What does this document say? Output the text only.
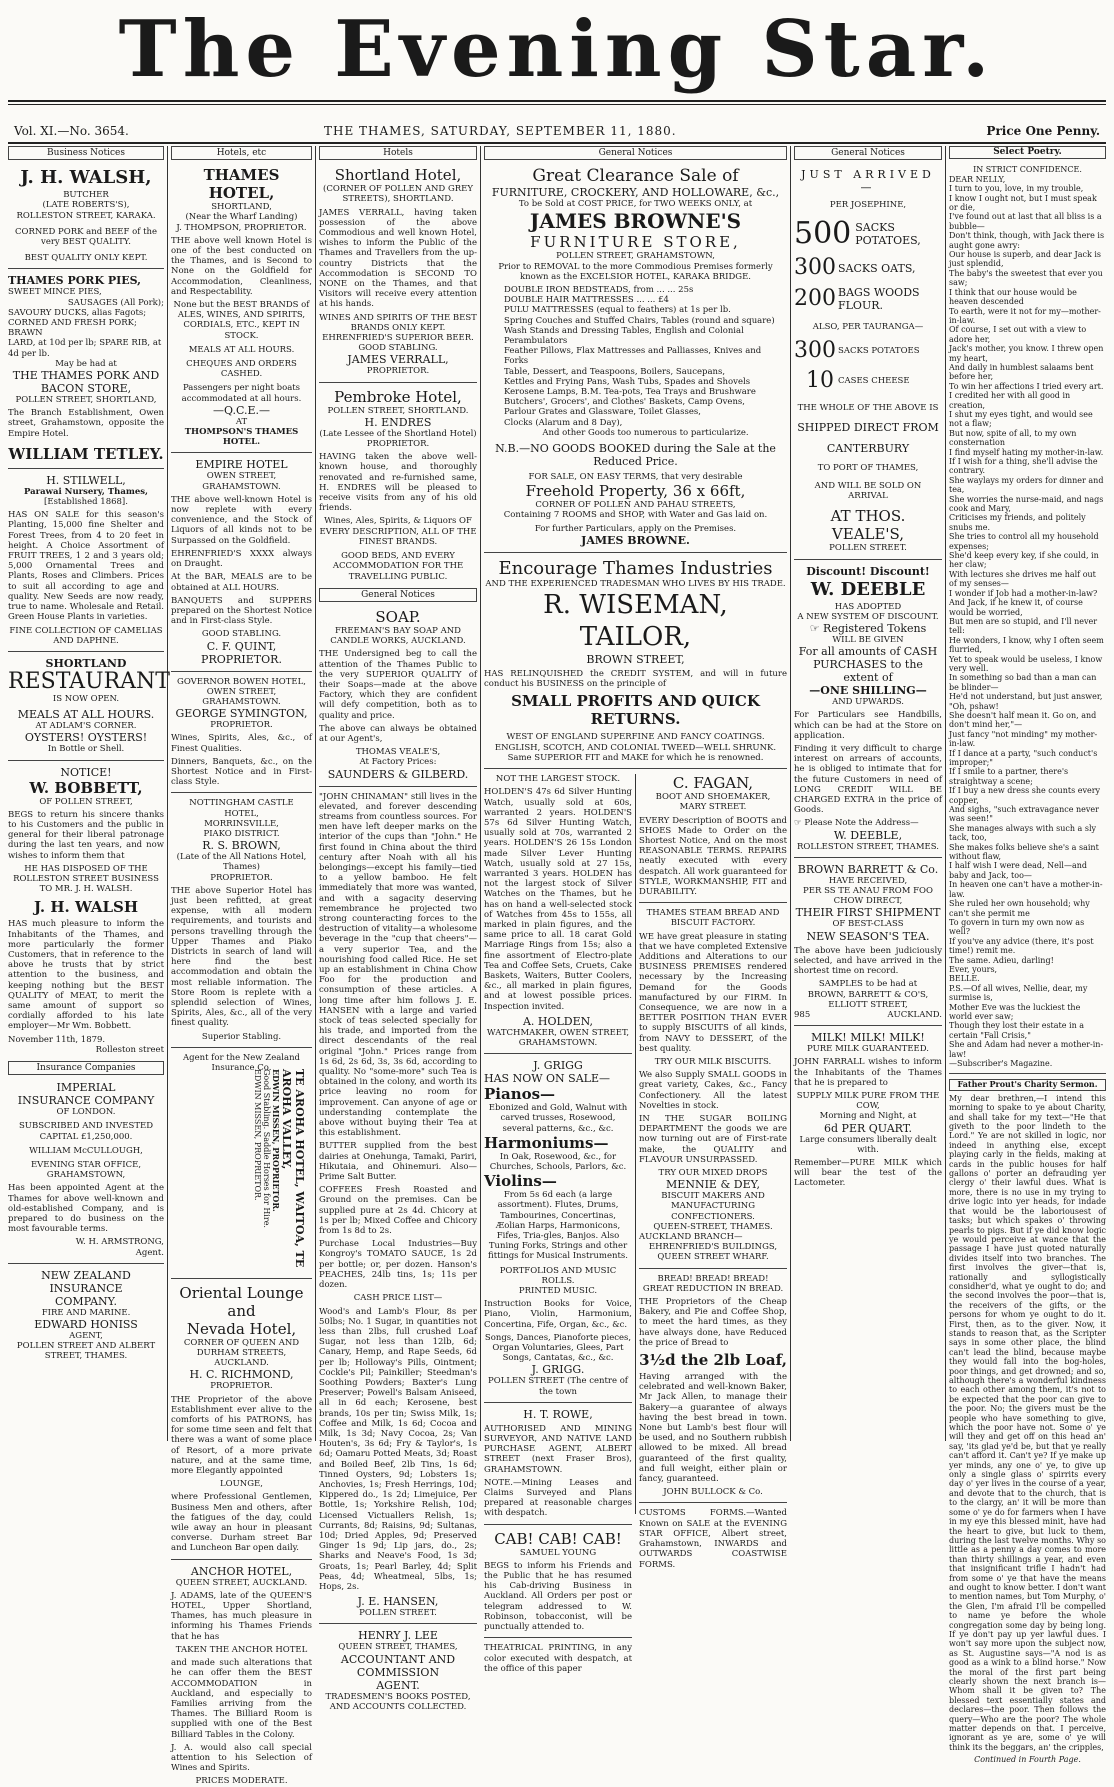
The Evening Star.
Vol. XI.—No. 3654.	THE THAMES, SATURDAY, SEPTEMBER 11, 1880.	Price One Penny.
Business Notices
J. H. WALSH,
BUTCHER
(LATE ROBERTS'S),
ROLLESTON STREET, KARAKA.
CORNED PORK and BEEF of the very BEST QUALITY.
BEST QUALITY ONLY KEPT.
THAMES PORK PIES,
SWEET MINCE PIES,
SAUSAGES (All Pork);
SAVOURY DUCKS, alias Fagots;
CORNED AND FRESH PORK; BRAWN
LARD, at 10d per lb; SPARE RIB, at 4d per lb.
May be had at
THE THAMES PORK AND
BACON STORE,
POLLEN STREET, SHORTLAND,
The Branch Establishment, Owen street, Grahamstown, opposite the Empire Hotel.
WILLIAM TETLEY.
H. STILWELL,
Parawai Nursery, Thames,
[Established 1868].
HAS ON SALE for this season's Planting, 15,000 fine Shelter and Forest Trees, from 4 to 20 feet in height. A Choice Assortment of FRUIT TREES, 1 2 and 3 years old; 5,000 Ornamental Trees and Plants, Roses and Climbers. Prices to suit all according to age and quality. New Seeds are now ready, true to name. Wholesale and Retail. Green House Plants in varieties.
FINE COLLECTION OF CAMELIAS AND DAPHNE.
SHORTLAND
RESTAURANT
IS NOW OPEN.
MEALS AT ALL HOURS.
AT ADLAM'S CORNER.
OYSTERS! OYSTERS!
In Bottle or Shell.
NOTICE!
W. BOBBETT,
OF POLLEN STREET,
BEGS to return his sincere thanks to his Customers and the public in general for their liberal patronage during the last ten years, and now wishes to inform them that
HE HAS DISPOSED OF THE
ROLLESTON STREET BUSINESS
TO MR. J. H. WALSH.
J. H. WALSH
HAS much pleasure to inform the Inhabitants of the Thames, and more particularly the former Customers, that in reference to the above he trusts that by strict attention to the business, and keeping nothing but the BEST QUALITY of MEAT, to merit the same amount of support so cordially afforded to his late employer—Mr Wm. Bobbett.
November 11th, 1879.
Rolleston street
Insurance Companies
IMPERIAL
INSURANCE COMPANY
OF LONDON.
SUBSCRIBED AND INVESTED
CAPITAL £1,250,000.
WILLIAM McCULLOUGH,
EVENING STAR OFFICE, GRAHAMSTOWN,
Has been appointed Agent at the Thames for above well-known and old-established Company, and is prepared to do business on the most favourable terms.
W. H. ARMSTRONG,
Agent.
NEW ZEALAND INSURANCE
COMPANY.
FIRE AND MARINE.
EDWARD HONISS
AGENT,
POLLEN STREET AND ALBERT STREET, THAMES.
Hotels, etc
THAMES HOTEL,
SHORTLAND,
(Near the Wharf Landing)
J. THOMPSON, PROPRIETOR.
THE above well known Hotel is one of the best conducted on the Thames, and is Second to None on the Goldfield for Accommodation, Cleanliness, and Respectability.
None but the BEST BRANDS of ALES, WINES, AND SPIRITS, CORDIALS, ETC., KEPT IN STOCK.
MEALS AT ALL HOURS.
CHEQUES AND ORDERS CASHED.
Passengers per night boats accommodated at all hours.
—Q.C.E.—
AT
THOMPSON'S THAMES HOTEL.
EMPIRE HOTEL
OWEN STREET, GRAHAMSTOWN.
THE above well-known Hotel is now replete with every convenience, and the Stock of Liquors of all kinds not to be Surpassed on the Goldfield.
EHRENFRIED'S XXXX always on Draught.
At the BAR, MEALS are to be obtained at ALL HOURS.
BANQUETS and SUPPERS prepared on the Shortest Notice and in First-class Style.
GOOD STABLING.
C. F. QUINT, PROPRIETOR.
GOVERNOR BOWEN HOTEL,
OWEN STREET, GRAHAMSTOWN.
GEORGE SYMINGTON,
PROPRIETOR.
Wines, Spirits, Ales, &c., of Finest Qualities.
Dinners, Banquets, &c., on the Shortest Notice and in First-class Style.
NOTTINGHAM CASTLE HOTEL,
MORRINSVILLE,
PIAKO DISTRICT.
R. S. BROWN,
(Late of the All Nations Hotel, Thames)
PROPRIETOR.
THE above Superior Hotel has just been refitted, at great expense, with all modern requirements, and tourists and persons travelling through the Upper Thames and Piako Districts in search of land will here find the best accommodation and obtain the most reliable information. The Store Room is replete with a splendid selection of Wines, Spirits, Ales, &c., all of the very finest quality.
Superior Stabling.
Agent for the New Zealand Insurance Co.
TE AROHA HOTEL, WAITOA, TE AROHA VALLEY,
EDWIN MISSEN, PROPRIETOR.
Good Stabling. Saddle Horses for Hire.
EDWIN MISSEN, PROPRIETOR.
Oriental Lounge and
Nevada Hotel,
CORNER OF QUEEN AND DURHAM STREETS, AUCKLAND.
H. C. RICHMOND,
PROPRIETOR.
THE Proprietor of the above Establishment ever alive to the comforts of his PATRONS, has for some time seen and felt that there was a want of some place of Resort, of a more private nature, and at the same time, more Elegantly appointed
LOUNGE,
where Professional Gentlemen, Business Men and others, after the fatigues of the day, could wile away an hour in pleasant converse. Durham street Bar and Luncheon Bar open daily.
ANCHOR HOTEL,
QUEEN STREET, AUCKLAND.
J. ADAMS, late of the QUEEN'S HOTEL, Upper Shortland, Thames, has much pleasure in informing his Thames Friends that he has
TAKEN THE ANCHOR HOTEL
and made such alterations that he can offer them the BEST ACCOMMODATION in Auckland, and especially to Families arriving from the Thames. The Billiard Room is supplied with one of the Best Billiard Tables in the Colony.
J. A. would also call special attention to his Selection of Wines and Spirits.
PRICES MODERATE.
Hotels
Shortland Hotel,
(CORNER OF POLLEN AND GREY STREETS), SHORTLAND.
JAMES VERRALL, having taken possession of the above Commodious and well known Hotel, wishes to inform the Public of the Thames and Travellers from the up-country Districts that the Accommodation is SECOND TO NONE on the Thames, and that Visitors will receive every attention at his hands.
WINES AND SPIRITS OF THE BEST BRANDS ONLY KEPT.
EHRENFRIED'S SUPERIOR BEER.
GOOD STABLING.
JAMES VERRALL,
PROPRIETOR.
Pembroke Hotel,
POLLEN STREET, SHORTLAND.
H. ENDRES
(Late Lessee of the Shortland Hotel)
PROPRIETOR.
HAVING taken the above well-known house, and thoroughly renovated and re-furnished same, H. ENDRES will be pleased to receive visits from any of his old friends.
Wines, Ales, Spirits, & Liquors OF EVERY DESCRIPTION, ALL OF THE FINEST BRANDS.
GOOD BEDS, AND EVERY ACCOMMODATION FOR THE TRAVELLING PUBLIC.
General Notices
SOAP.
FREEMAN'S BAY SOAP AND CANDLE WORKS, AUCKLAND.
THE Undersigned beg to call the attention of the Thames Public to the very SUPERIOR QUALITY of their Soaps—made at the above Factory, which they are confident will defy competition, both as to quality and price.
The above can always be obtained at our Agent's,
THOMAS VEALE'S,
At Factory Prices:
SAUNDERS & GILBERD.
"JOHN CHINAMAN" still lives in the elevated, and forever descending streams from countless sources. For men have left deeper marks on the interior of the cups than "John." He first found in China about the third century after Noah with all his belongings—except his family—tied to a yellow bamboo. He felt immediately that more was wanted, and with a sagacity deserving remembrance he projected two strong counteracting forces to the destruction of vitality—a wholesome beverage in the "cup that cheers"—a very superior Tea, and the nourishing food called Rice. He set up an establishment in China Chow Foo for the production and consumption of these articles. A long time after him follows J. E. HANSEN with a large and varied stock of teas selected specially for his trade, and imported from the direct descendants of the real original "John." Prices range from 1s 6d, 2s 6d, 3s, 3s 6d, according to quality. No "some-more" such Tea is obtained in the colony, and worth its price leaving no room for improvement. Can anyone of age or understanding contemplate the above without buying their Tea at this establishment.
BUTTER supplied from the best dairies at Onehunga, Tamaki, Pariri, Hikutaia, and Ohinemuri. Also—Prime Salt Butter.
COFFEES Fresh Roasted and Ground on the premises. Can be supplied pure at 2s 4d. Chicory at 1s per lb; Mixed Coffee and Chicory from 1s 8d to 2s.
Purchase Local Industries—Buy Kongroy's TOMATO SAUCE, 1s 2d per bottle; or, per dozen. Hanson's PEACHES, 24lb tins, 1s; 11s per dozen.
CASH PRICE LIST—
Wood's and Lamb's Flour, 8s per 50lbs; No. 1 Sugar, in quantities not less than 2lbs, full crushed Loaf Sugar, not less than 12lb, 6d; Canary, Hemp, and Rape Seeds, 6d per lb; Holloway's Pills, Ointment; Cockle's Pil; Painkiller; Steedman's Soothing Powders; Baxter's Lung Preserver; Powell's Balsam Aniseed, all in 6d each; Kerosene, best brands, 10s per tin; Swiss Milk, 1s; Coffee and Milk, 1s 6d; Cocoa and Milk, 1s 3d; Navy Cocoa, 2s; Van Houten's, 3s 6d; Fry & Taylor's, 1s 6d; Oamaru Potted Meats, 3d; Roast and Boiled Beef, 2lb Tins, 1s 6d; Tinned Oysters, 9d; Lobsters 1s; Anchovies, 1s; Fresh Herrings, 10d; Kippered do., 1s 2d; Limejuice, Per Bottle, 1s; Yorkshire Relish, 10d; Licensed Victuallers Relish, 1s; Currants, 8d; Raisins, 9d; Sultanas, 10d; Dried Apples, 9d; Preserved Ginger 1s 9d; Lip jars, do., 2s; Sharks and Neave's Food, 1s 3d; Groats, 1s; Pearl Barley, 4d; Split Peas, 4d; Wheatmeal, 5lbs, 1s; Hops, 2s.
J. E. HANSEN,
POLLEN STREET.
HENRY J. LEE
QUEEN STREET, THAMES,
ACCOUNTANT AND COMMISSION
AGENT.
TRADESMEN'S BOOKS POSTED, AND ACCOUNTS COLLECTED.
General Notices
Great Clearance Sale of
FURNITURE, CROCKERY, AND HOLLOWARE, &c.,
To be Sold at COST PRICE, for TWO WEEKS ONLY, at
JAMES BROWNE'S
FURNITURE STORE,
POLLEN STREET, GRAHAMSTOWN,
Prior to REMOVAL to the more Commodious Premises formerly known as the EXCELSIOR HOTEL, KARAKA BRIDGE.
DOUBLE IRON BEDSTEADS, from ... ... 25s
DOUBLE HAIR MATTRESSES ... ... £4
PULU MATTRESSES (equal to feathers) at 1s per lb.
Spring Couches and Stuffed Chairs, Tables (round and square)
Wash Stands and Dressing Tables, English and Colonial Perambulators
Feather Pillows, Flax Mattresses and Palliasses, Knives and Forks
Table, Dessert, and Teaspoons, Boilers, Saucepans,
Kettles and Frying Pans, Wash Tubs, Spades and Shovels
Kerosene Lamps, B.M. Tea-pots, Tea Trays and Brushware
Butchers', Grocers', and Clothes' Baskets, Camp Ovens,
Parlour Grates and Glassware, Toilet Glasses,
Clocks (Alarum and 8 Day),
And other Goods too numerous to particularize.
N.B.—NO GOODS BOOKED during the Sale at the Reduced Price.
FOR SALE, ON EASY TERMS, that very desirable
Freehold Property, 36 x 66ft,
CORNER OF POLLEN AND PAHAU STREETS,
Containing 7 ROOMS and SHOP, with Water and Gas laid on.
For further Particulars, apply on the Premises.
JAMES BROWNE.
Encourage Thames Industries
AND THE EXPERIENCED TRADESMAN WHO LIVES BY HIS TRADE.
R. WISEMAN, TAILOR,
BROWN STREET,
HAS RELINQUISHED the CREDIT SYSTEM, and will in future conduct his BUSINESS on the principle of
SMALL PROFITS AND QUICK RETURNS.
WEST OF ENGLAND SUPERFINE AND FANCY COATINGS.
ENGLISH, SCOTCH, AND COLONIAL TWEED—WELL SHRUNK.
Same SUPERIOR FIT and MAKE for which he is renowned.
NOT THE LARGEST STOCK.
HOLDEN'S 47s 6d Silver Hunting Watch, usually sold at 60s, warranted 2 years. HOLDEN'S 57s 6d Silver Hunting Watch, usually sold at 70s, warranted 2 years. HOLDEN'S 26 15s London made Silver Lever Hunting Watch, usually sold at 27 15s, warranted 3 years. HOLDEN has not the largest stock of Silver Watches on the Thames, but he has on hand a well-selected stock of Watches from 45s to 155s, all marked in plain figures, and the same price to all. 18 carat Gold Marriage Rings from 15s; also a fine assortment of Electro-plate Tea and Coffee Sets, Cruets, Cake Baskets, Waiters, Butter Coolers, &c., all marked in plain figures, and at lowest possible prices. Inspection invited.
A. HOLDEN,
WATCHMAKER, OWEN STREET, GRAHAMSTOWN.
J. GRIGG
HAS NOW ON SALE—
Pianos—
Ebonized and Gold, Walnut with carved trusses, Rosewood, several patterns, &c., &c.
Harmoniums—
In Oak, Rosewood, &c., for Churches, Schools, Parlors, &c.
Violins—
From 5s 6d each (a large assortment). Flutes, Drums, Tambourines, Concertinas, Æolian Harps, Harmonicons, Fifes, Tria-gles, Banjos. Also Tuning Forks, Strings and other fittings for Musical Instruments.
PORTFOLIOS AND MUSIC ROLLS.
PRINTED MUSIC.
Instruction Books for Voice, Piano, Violin, Harmonium, Concertina, Fife, Organ, &c., &c.
Songs, Dances, Pianoforte pieces, Organ Voluntaries, Glees, Part Songs, Cantatas, &c., &c.
J. GRIGG.
POLLEN STREET (The centre of the town
H. T. ROWE,
AUTHORISED AND MINING SURVEYOR, AND NATIVE LAND PURCHASE AGENT, ALBERT STREET (next Fraser Bros), GRAHAMSTOWN.
NOTE.—Mining Leases and Claims Surveyed and Plans prepared at reasonable charges with despatch.
CAB! CAB! CAB!
SAMUEL YOUNG
BEGS to inform his Friends and the Public that he has resumed his Cab-driving Business in Auckland. All Orders per post or telegram addressed to W. Robinson, tobacconist, will be punctually attended to.
THEATRICAL PRINTING, in any color executed with despatch, at the office of this paper
C. FAGAN,
BOOT AND SHOEMAKER,
MARY STREET.
EVERY Description of BOOTS and SHOES Made to Order on the Shortest Notice, And on the most REASONABLE TERMS. REPAIRS neatly executed with every despatch. All work guaranteed for STYLE, WORKMANSHIP, FIT and DURABILITY.
THAMES STEAM BREAD AND BISCUIT FACTORY.
WE have great pleasure in stating that we have completed Extensive Additions and Alterations to our BUSINESS PREMISES rendered necessary by the Increasing Demand for the Goods manufactured by our FIRM. In Consequence, we are now in a BETTER POSITION THAN EVER to supply BISCUITS of all kinds, from NAVY to DESSERT, of the best quality.
TRY OUR MILK BISCUITS.
We also Supply SMALL GOODS in great variety, Cakes, &c., Fancy Confectionery. All the latest Novelties in stock.
IN THE SUGAR BOILING DEPARTMENT the goods we are now turning out are of First-rate make, the QUALITY and FLAVOUR UNSURPASSED.
TRY OUR MIXED DROPS
MENNIE & DEY,
BISCUIT MAKERS AND MANUFACTURING CONFECTIONERS.
QUEEN-STREET, THAMES.
AUCKLAND BRANCH—
EHRENFRIED'S BUILDINGS, QUEEN STREET WHARF.
BREAD! BREAD! BREAD!
GREAT REDUCTION IN BREAD.
THE Proprietors of the Cheap Bakery, and Pie and Coffee Shop, to meet the hard times, as they have always done, have Reduced the price of Bread to
3½d the 2lb Loaf,
Having arranged with the celebrated and well-known Baker, Mr Jack Allen, to manage their Bakery—a guarantee of always having the best bread in town. None but Lamb's best flour will be used, and no Southern rubbish allowed to be mixed. All bread guaranteed of the first quality, and full weight, either plain or fancy, guaranteed.
JOHN BULLOCK & Co.
CUSTOMS FORMS.—Wanted Known on SALE at the EVENING STAR OFFICE, Albert street, Grahamstown, INWARDS and OUTWARDS COASTWISE FORMS.
General Notices
JUST ARRIVED—
PER JOSEPHINE,
500 SACKS POTATOES,
300 SACKS OATS,
200 BAGS WOODS FLOUR.
ALSO, PER TAURANGA—
300 SACKS POTATOES
10 CASES CHEESE
THE WHOLE OF THE ABOVE IS
SHIPPED DIRECT FROM
CANTERBURY
TO PORT OF THAMES,
AND WILL BE SOLD ON ARRIVAL
AT THOS. VEALE'S,
POLLEN STREET.
Discount! Discount!
W. DEEBLE
HAS ADOPTED
A NEW SYSTEM OF DISCOUNT.
☞ Registered Tokens
WILL BE GIVEN
For all amounts of CASH PURCHASES to the extent of
—ONE SHILLING—
AND UPWARDS.
For Particulars see Handbills, which can be had at the Store on application.
Finding it very difficult to charge interest on arrears of accounts, he is obliged to intimate that for the future Customers in need of LONG CREDIT WILL BE CHARGED EXTRA in the price of Goods.
☞ Please Note the Address—
W. DEEBLE,
ROLLESTON STREET, THAMES.
BROWN BARRETT & Co.
HAVE RECEIVED,
PER SS TE ANAU FROM FOO CHOW DIRECT,
THEIR FIRST SHIPMENT
OF BEST-CLASS
NEW SEASON'S TEA.
The above have been judiciously selected, and have arrived in the shortest time on record.
SAMPLES to be had at
BROWN, BARRETT & CO'S,
ELLIOTT STREET,
985	AUCKLAND.
MILK! MILK! MILK!
PURE MILK GUARANTEED.
JOHN FARRALL wishes to inform the Inhabitants of the Thames that he is prepared to
SUPPLY MILK PURE FROM THE COW,
Morning and Night, at
6d PER QUART.
Large consumers liberally dealt with.
Remember—PURE MILK which will bear the test of the Lactometer.
Select Poetry.
IN STRICT CONFIDENCE.
DEAR NELLY,
I turn to you, love, in my trouble,
I know I ought not, but I must speak or die,
I've found out at last that all bliss is a bubble—
Don't think, though, with Jack there is aught gone awry:
Our house is superb, and dear Jack is just splendid,
The baby's the sweetest that ever you saw;
I think that our house would be heaven descended
To earth, were it not for my—mother-in-law.
Of course, I set out with a view to adore her,
Jack's mother, you know. I threw open my heart,
And daily in humblest salaams bent before her,
To win her affections I tried every art.
I credited her with all good in creation,
I shut my eyes tight, and would see not a flaw;
But now, spite of all, to my own consternation
I find myself hating my mother-in-law.
If I wish for a thing, she'll advise the contrary.
She waylays my orders for dinner and tea,
She worries the nurse-maid, and nags cook and Mary,
Criticises my friends, and politely snubs me.
She tries to control all my household expenses;
She'd keep every key, if she could, in her claw;
With lectures she drives me half out of my senses—
I wonder if Job had a mother-in-law?
And Jack, if he knew it, of course would be worried,
But men are so stupid, and I'll never tell:
He wonders, I know, why I often seem flurried,
Yet to speak would be useless, I know very well.
In something so bad than a man can be blinder—
He'd not understand, but just answer, "Oh, pshaw!
She doesn't half mean it. Go on, and don't mind her,"—
Just fancy "not minding" my mother-in-law.
If I dance at a party, "such conduct's improper;"
If I smile to a partner, there's straightway a scene;
If I buy a new dress she counts every copper,
And sighs, "such extravagance never was seen!"
She manages always with such a sly tack, too,
She makes folks believe she's a saint without flaw,
I half wish I were dead, Nell—and baby and Jack, too—
In heaven one can't have a mother-in-law.
She ruled her own household; why can't she permit me
To govern in turn my own now as well?
If you've any advice (there, it's post time!) remit me.
The same. Adieu, darling!
Ever, yours,
BELLE.
P.S.—Of all wives, Nellie, dear, my surmise is,
Mother Eve was the luckiest the world ever saw;
Though they lost their estate in a certain "Fall Crisis,"
She and Adam had never a mother-in-law!
—Subscriber's Magazine.
Father Prout's Charity Sermon.
My dear brethren,—I intend this morning to spake to ye about Charity, and shall take for my text—"He that giveth to the poor lindeth to the Lord." Ye are not skilled in logic, nor indeed in anything else, except playing carly in the fields, making at cards in the public houses for half gallons o' porter an defrauding yer clergy o' their lawful dues. What is more, there is no use in my trying to drive logic into yer heads, for indade that would be the laboriousest of tasks; but which spakes o' throwing pearls to pigs. But if ye did know logic ye would perceive at wance that the passage I have just quoted naturally divides itself into two branches. The first involves the giver—that is, rationally and syllogistically considher'd, what ye ought to do; and the second involves the poor—that is, the receivers of the gifts, or the persons for whom ye ought to do it. First, then, as to the giver. Now, it stands to reason that, as the Scripter says in some other place, the blind can't lead the blind, because maybe they would fall into the bog-holes, poor things, and get drowned; and so, although there's a wonderful kindness to each other among them, it's not to be expected that the poor can give to the poor. No; the givers must be the people who have something to give, which the poor have not. Some o' ye will they and get off on this head an' say, 'its glad ye'd be, but that ye really can't afford it. Can't ye? If ye make up yer minds, any one o' ye, to give up only a single glass o' spirrits every day o' yer lives in the course of a year, and devote that to the church, that is to the clargy, an' it will be more than some o' ye do for farmers when I have in my eye this blessed minit, have had the heart to give, but luck to them, during the last twelve months. Why so little as a penny a day comes to more than thirty shillings a year, and even that insignificant trifle I hadn't had from some o' ye that have the means and ought to know better. I don't want to mention names, but Tom Murphy, o' the Glen, I'm afraid I'll be compelled to name ye before the whole congregation some day by being long. If ye don't pay up yer lawful dues. I won't say more upon the subject now, as St. Augustine says—"A nod is as good as a wink to a blind horse." Now the moral of the first part being clearly shown the next branch is—Whom shall it be given to? The blessed text essentially states and declares—the poor. Then follows the query—Who are the poor? The whole matter depends on that. I perceive, ignorant as ye are, some o' ye will think its the beggars, an' the cripples,
Continued in Fourth Page.
